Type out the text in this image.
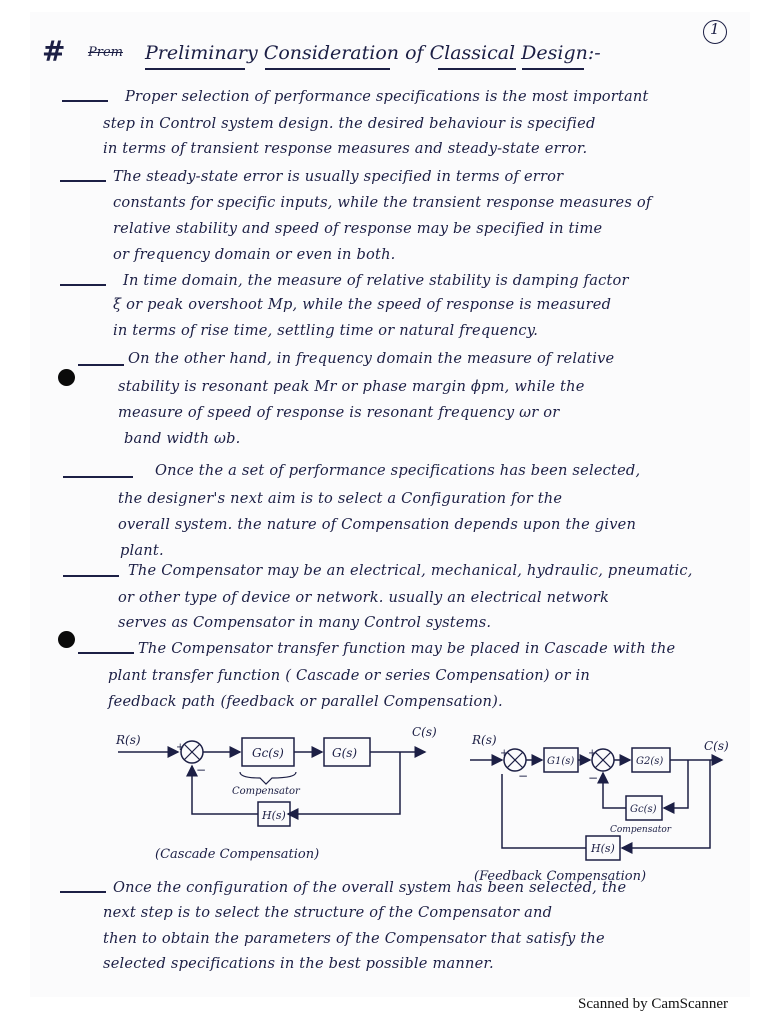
1
# Prem Preliminary Consideration of Classical Design:-
Proper selection of performance specifications is the most important
step in Control system design. the desired behaviour is specified
in terms of transient response measures and steady-state error.
The steady-state error is usually specified in terms of error
constants for specific inputs, while the transient response measures of
relative stability and speed of response may be specified in time
or frequency domain or even in both.
In time domain, the measure of relative stability is damping factor
ξ or peak overshoot Mp, while the speed of response is measured
in terms of rise time, settling time or natural frequency.
On the other hand, in frequency domain the measure of relative
stability is resonant peak Mr or phase margin ϕpm, while the
measure of speed of response is resonant frequency ωr or
band width ωb.
Once the a set of performance specifications has been selected,
the designer's next aim is to select a Configuration for the
overall system. the nature of Compensation depends upon the given
plant.
The Compensator may be an electrical, mechanical, hydraulic, pneumatic,
or other type of device or network. usually an electrical network
serves as Compensator in many Control systems.
The Compensator transfer function may be placed in Cascade with the
plant transfer function ( Cascade or series Compensation) or in
feedback path (feedback or parallel Compensation).
R(s)
+
−
Gc(s)	G(s)
C(s)
H(s)
Compensator
(Cascade Compensation)
R(s)
+
−
G1(s)
+
−
G2(s)
C(s)
Gc(s)
Compensator
H(s)
(Feedback Compensation)
Once the configuration of the overall system has been selected, the
next step is to select the structure of the Compensator and
then to obtain the parameters of the Compensator that satisfy the
selected specifications in the best possible manner.
Scanned by CamScanner
